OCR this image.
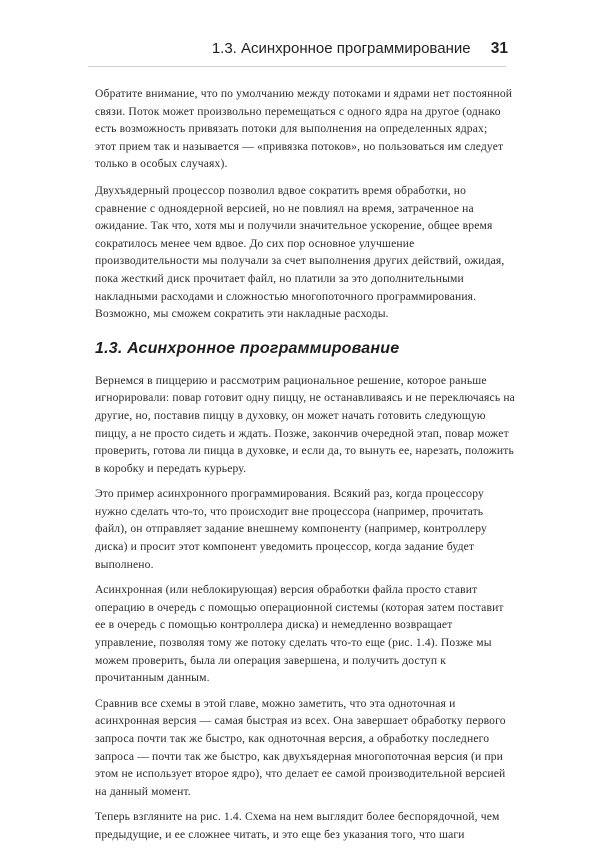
1.3. Асинхронное программирование 31

Обратите внимание, что по умолчанию между потоками и ядрами нет постоянной

связи. Поток может произвольно перемещаться с одного ядра на другое (однако

есть возможность привязать потоки для выполнения на определенных ядрах;

этот прием так и называется — «привязка потоков», но пользоваться им следует

только в особых случаях).

Двухъядерный процессор позволил вдвое сократить время обработки, но сравнение с одноядерной версией, но не повлиял на время, затраченное на ожидание. Так что, хотя мы и получили значительное ускорение, общее время сократилось менее чем вдвое. До сих пор основное улучшение производительности мы получали за счет выполнения других действий, ожидая, пока жесткий диск прочитает файл, но платили за это дополнительными накладными расходами и сложностью многопоточного программирования. Возможно, мы сможем сократить эти накладные расходы.

1.3. Асинхронное программирование

Вернемся в пиццерию и рассмотрим рациональное решение, которое раньше игнорировали: повар готовит одну пиццу, не останавливаясь и не переключаясь на другие, но, поставив пиццу в духовку, он может начать готовить следующую пиццу, а не просто сидеть и ждать. Позже, закончив очередной этап, повар может проверить, готова ли пицца в духовке, и если да, то вынуть ее, нарезать, положить в коробку и передать курьеру.

Это пример асинхронного программирования. Всякий раз, когда процессору нужно сделать что-то, что происходит вне процессора (например, прочитать файл), он отправляет задание внешнему компоненту (например, контроллеру диска) и просит этот компонент уведомить процессор, когда задание будет выполнено.

Асинхронная (или неблокирующая) версия обработки файла просто ставит операцию в очередь с помощью операционной системы (которая затем поставит ее в очередь с помощью контроллера диска) и немедленно возвращает управление, позволяя тому же потоку сделать что-то еще (рис. 1.4). Позже мы можем проверить, была ли операция завершена, и получить доступ к прочитанным данным.

Сравнив все схемы в этой главе, можно заметить, что эта одноточная и асинхронная версия — самая быстрая из всех. Она завершает обработку первого запроса почти так же быстро, как одноточная версия, а обработку последнего запроса — почти так же быстро, как двухъядерная многопоточная версия (и при этом не использует второе ядро), что делает ее самой производительной версией на данный момент.

Теперь взгляните на рис. 1.4. Схема на нем выглядит более беспорядочной, чем предыдущие, и ее сложнее читать, и это еще без указания того, что шаги
